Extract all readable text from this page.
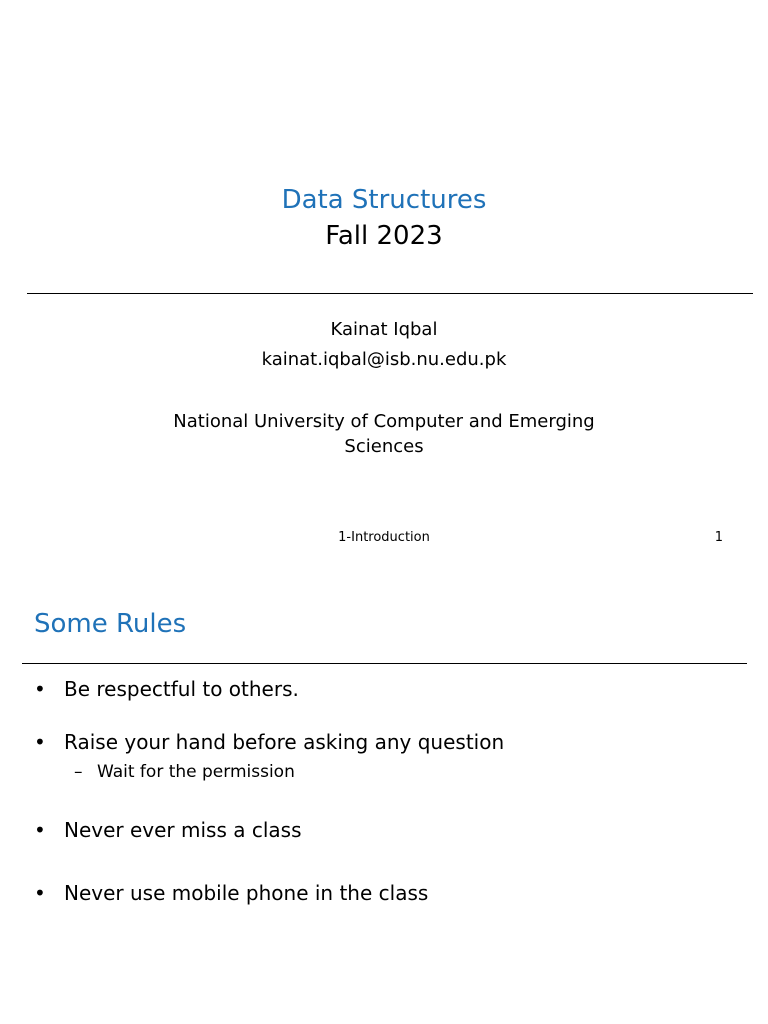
Data Structures
Fall 2023
Kainat Iqbal
kainat.iqbal@isb.nu.edu.pk
National University of Computer and Emerging
Sciences
1-Introduction	1
Some Rules
• Be respectful to others.
• Raise your hand before asking any question
– Wait for the permission
• Never ever miss a class
• Never use mobile phone in the class
